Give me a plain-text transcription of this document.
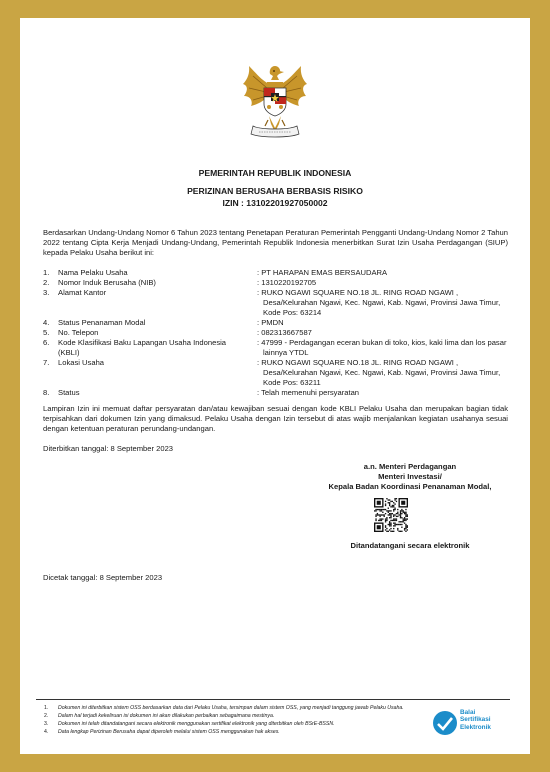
PEMERINTAH REPUBLIK INDONESIA
PERIZINAN BERUSAHA BERBASIS RISIKO
IZIN : 13102201927050002
Berdasarkan Undang-Undang Nomor 6 Tahun 2023 tentang Penetapan Peraturan Pemerintah Pengganti Undang-Undang Nomor 2 Tahun 2022 tentang Cipta Kerja Menjadi Undang-Undang, Pemerintah Republik Indonesia menerbitkan Surat Izin Usaha Perdagangan (SIUP) kepada Pelaku Usaha berikut ini:
1. Nama Pelaku Usaha	: PT HARAPAN EMAS BERSAUDARA
2. Nomor Induk Berusaha (NIB)	: 1310220192705
3. Alamat Kantor	: RUKO NGAWI SQUARE NO.18 JL. RING ROAD NGAWI ,
Desa/Kelurahan Ngawi, Kec. Ngawi, Kab. Ngawi, Provinsi Jawa Timur,
Kode Pos: 63214
4. Status Penanaman Modal	: PMDN
5. No. Telepon	: 082313667587
6. Kode Klasifikasi Baku Lapangan Usaha Indonesia
(KBLI)
: 47999 - Perdagangan eceran bukan di toko, kios, kaki lima dan los pasar
lainnya YTDL
7. Lokasi Usaha	: RUKO NGAWI SQUARE NO.18 JL. RING ROAD NGAWI ,
Desa/Kelurahan Ngawi, Kec. Ngawi, Kab. Ngawi, Provinsi Jawa Timur,
Kode Pos: 63211
8. Status	: Telah memenuhi persyaratan
Lampiran Izin ini memuat daftar persyaratan dan/atau kewajiban sesuai dengan kode KBLI Pelaku Usaha dan merupakan bagian tidak terpisahkan dari dokumen Izin yang dimaksud. Pelaku Usaha dengan Izin tersebut di atas wajib menjalankan kegiatan usahanya sesuai dengan ketentuan peraturan perundang-undangan.
Diterbitkan tanggal: 8 September 2023
a.n. Menteri Perdagangan
Menteri Investasi/
Kepala Badan Koordinasi Penanaman Modal,
Ditandatangani secara elektronik
Dicetak tanggal: 8 September 2023
1.	Dokumen ini diterbitkan sistem OSS berdasarkan data dari Pelaku Usaha, tersimpan dalam sistem OSS, yang menjadi tanggung jawab Pelaku Usaha.
2.	Dalam hal terjadi kekeliruan isi dokumen ini akan dilakukan perbaikan sebagaimana mestinya.
3.	Dokumen ini telah ditandatangani secara elektronik menggunakan sertifikat elektronik yang diterbitkan oleh BSrE-BSSN.
4.	Data lengkap Perizinan Berusaha dapat diperoleh melalui sistem OSS menggunakan hak akses.
Balai
Sertifikasi
Elektronik
